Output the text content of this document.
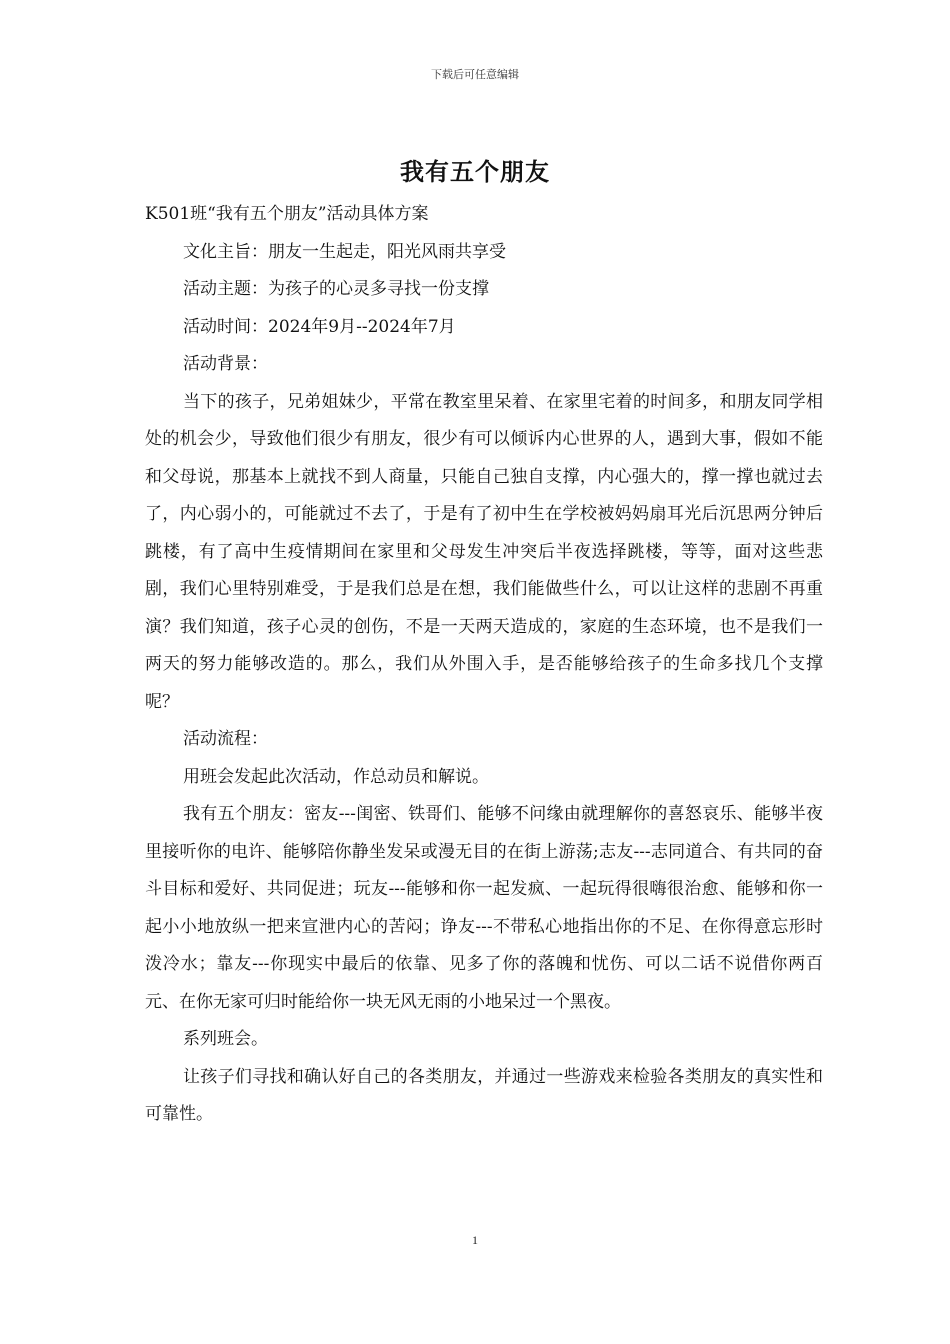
下载后可任意编辑
我有五个朋友

K501班“我有五个朋友”活动具体方案

文化主旨：朋友一生起走，阳光风雨共享受

活动主题：为孩子的心灵多寻找一份支撑

活动时间：2024年9月--2024年7月

活动背景：

当下的孩子，兄弟姐妹少，平常在教室里呆着、在家里宅着的时间多，和朋友同学相处的机会少，导致他们很少有朋友，很少有可以倾诉内心世界的人，遇到大事，假如不能和父母说，那基本上就找不到人商量，只能自己独自支撑，内心强大的，撑一撑也就过去了，内心弱小的，可能就过不去了，于是有了初中生在学校被妈妈扇耳光后沉思两分钟后跳楼，有了高中生疫情期间在家里和父母发生冲突后半夜选择跳楼，等等，面对这些悲剧，我们心里特别难受，于是我们总是在想，我们能做些什么，可以让这样的悲剧不再重演？我们知道，孩子心灵的创伤，不是一天两天造成的，家庭的生态环境，也不是我们一两天的努力能够改造的。那么，我们从外围入手，是否能够给孩子的生命多找几个支撑呢？

活动流程：

用班会发起此次活动，作总动员和解说。

我有五个朋友：密友---闺密、铁哥们、能够不问缘由就理解你的喜怒哀乐、能够半夜里接听你的电许、能够陪你静坐发呆或漫无目的在街上游荡;志友---志同道合、有共同的奋斗目标和爱好、共同促进；玩友---能够和你一起发疯、一起玩得很嗨很治愈、能够和你一起小小地放纵一把来宣泄内心的苦闷；诤友---不带私心地指出你的不足、在你得意忘形时泼冷水；靠友---你现实中最后的依靠、见多了你的落魄和忧伤、可以二话不说借你两百元、在你无家可归时能给你一块无风无雨的小地呆过一个黑夜。

系列班会。

让孩子们寻找和确认好自己的各类朋友，并通过一些游戏来检验各类朋友的真实性和可靠性。

1
